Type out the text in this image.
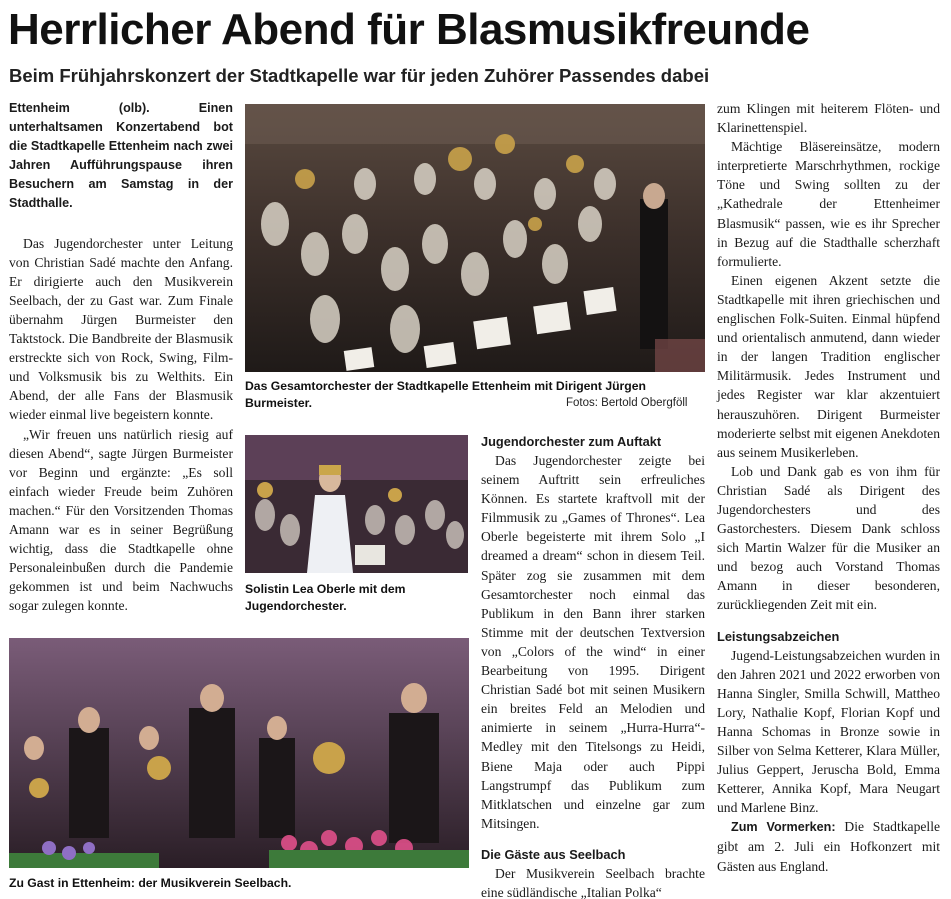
Herrlicher Abend für Blasmusikfreunde
Beim Frühjahrskonzert der Stadtkapelle war für jeden Zuhörer Passendes dabei

Ettenheim (olb). Einen unterhaltsamen Konzertabend bot die Stadtkapelle Ettenheim nach zwei Jahren Aufführungspause ihren Besuchern am Samstag in der Stadthalle.

Das Jugendorchester unter Leitung von Christian Sadé machte den Anfang. Er dirigierte auch den Musikverein Seelbach, der zu Gast war. Zum Finale übernahm Jürgen Burmeister den Taktstock. Die Bandbreite der Blasmusik erstreckte sich von Rock, Swing, Film- und Volksmusik bis zu Welthits. Ein Abend, der alle Fans der Blasmusik wieder einmal live begeistern konnte.

„Wir freuen uns natürlich riesig auf diesen Abend“, sagte Jürgen Burmeister vor Beginn und ergänzte: „Es soll einfach wieder Freude beim Zuhören machen.“ Für den Vorsitzenden Thomas Amann war es in seiner Begrüßung wichtig, dass die Stadtkapelle ohne Personaleinbußen durch die Pandemie gekommen ist und beim Nachwuchs sogar zulegen konnte.

Das Gesamtorchester der Stadtkapelle Ettenheim mit Dirigent Jürgen Burmeister.	Fotos: Bertold Obergföll
Solistin Lea Oberle mit dem Jugendorchester.
Zu Gast in Ettenheim: der Musikverein Seelbach.

Jugendorchester zum Auftakt

Das Jugendorchester zeigte bei seinem Auftritt sein erfreuliches Können. Es startete kraftvoll mit der Filmmusik zu „Games of Thrones“. Lea Oberle begeisterte mit ihrem Solo „I dreamed a dream“ schon in diesem Teil. Später zog sie zusammen mit dem Gesamtorchester noch einmal das Publikum in den Bann ihrer starken Stimme mit der deutschen Textversion von „Colors of the wind“ in einer Bearbeitung von 1995. Dirigent Christian Sadé bot mit seinen Musikern ein breites Feld an Melodien und animierte in seinem „Hurra-Hurra“-Medley mit den Titelsongs zu Heidi, Biene Maja oder auch Pippi Langstrumpf das Publikum zum Mitklatschen und einzelne gar zum Mitsingen.

Die Gäste aus Seelbach

Der Musikverein Seelbach brachte eine südländische „Italian Polka“

zum Klingen mit heiterem Flöten- und Klarinettenspiel.

Mächtige Bläsereinsätze, modern interpretierte Marschrhythmen, rockige Töne und Swing sollten zu der „Kathedrale der Ettenheimer Blasmusik“ passen, wie es ihr Sprecher in Bezug auf die Stadthalle scherzhaft formulierte.

Einen eigenen Akzent setzte die Stadtkapelle mit ihren griechischen und englischen Folk-Suiten. Einmal hüpfend und orientalisch anmutend, dann wieder in der langen Tradition englischer Militärmusik. Jedes Instrument und jedes Register war klar akzentuiert herauszuhören. Dirigent Burmeister moderierte selbst mit eigenen Anekdoten aus seinem Musikerleben.

Lob und Dank gab es von ihm für Christian Sadé als Dirigent des Jugendorchesters und des Gastorchesters. Diesem Dank schloss sich Martin Walzer für die Musiker an und bezog auch Vorstand Thomas Amann in dieser besonderen, zurückliegenden Zeit mit ein.

Leistungsabzeichen

Jugend-Leistungsabzeichen wurden in den Jahren 2021 und 2022 erworben von Hanna Singler, Smilla Schwill, Mattheo Lory, Nathalie Kopf, Florian Kopf und Hanna Schomas in Bronze sowie in Silber von Selma Ketterer, Klara Müller, Julius Geppert, Jeruscha Bold, Emma Ketterer, Annika Kopf, Mara Neugart und Marlene Binz.

Zum Vormerken: Die Stadtkapelle gibt am 2. Juli ein Hofkonzert mit Gästen aus England.
